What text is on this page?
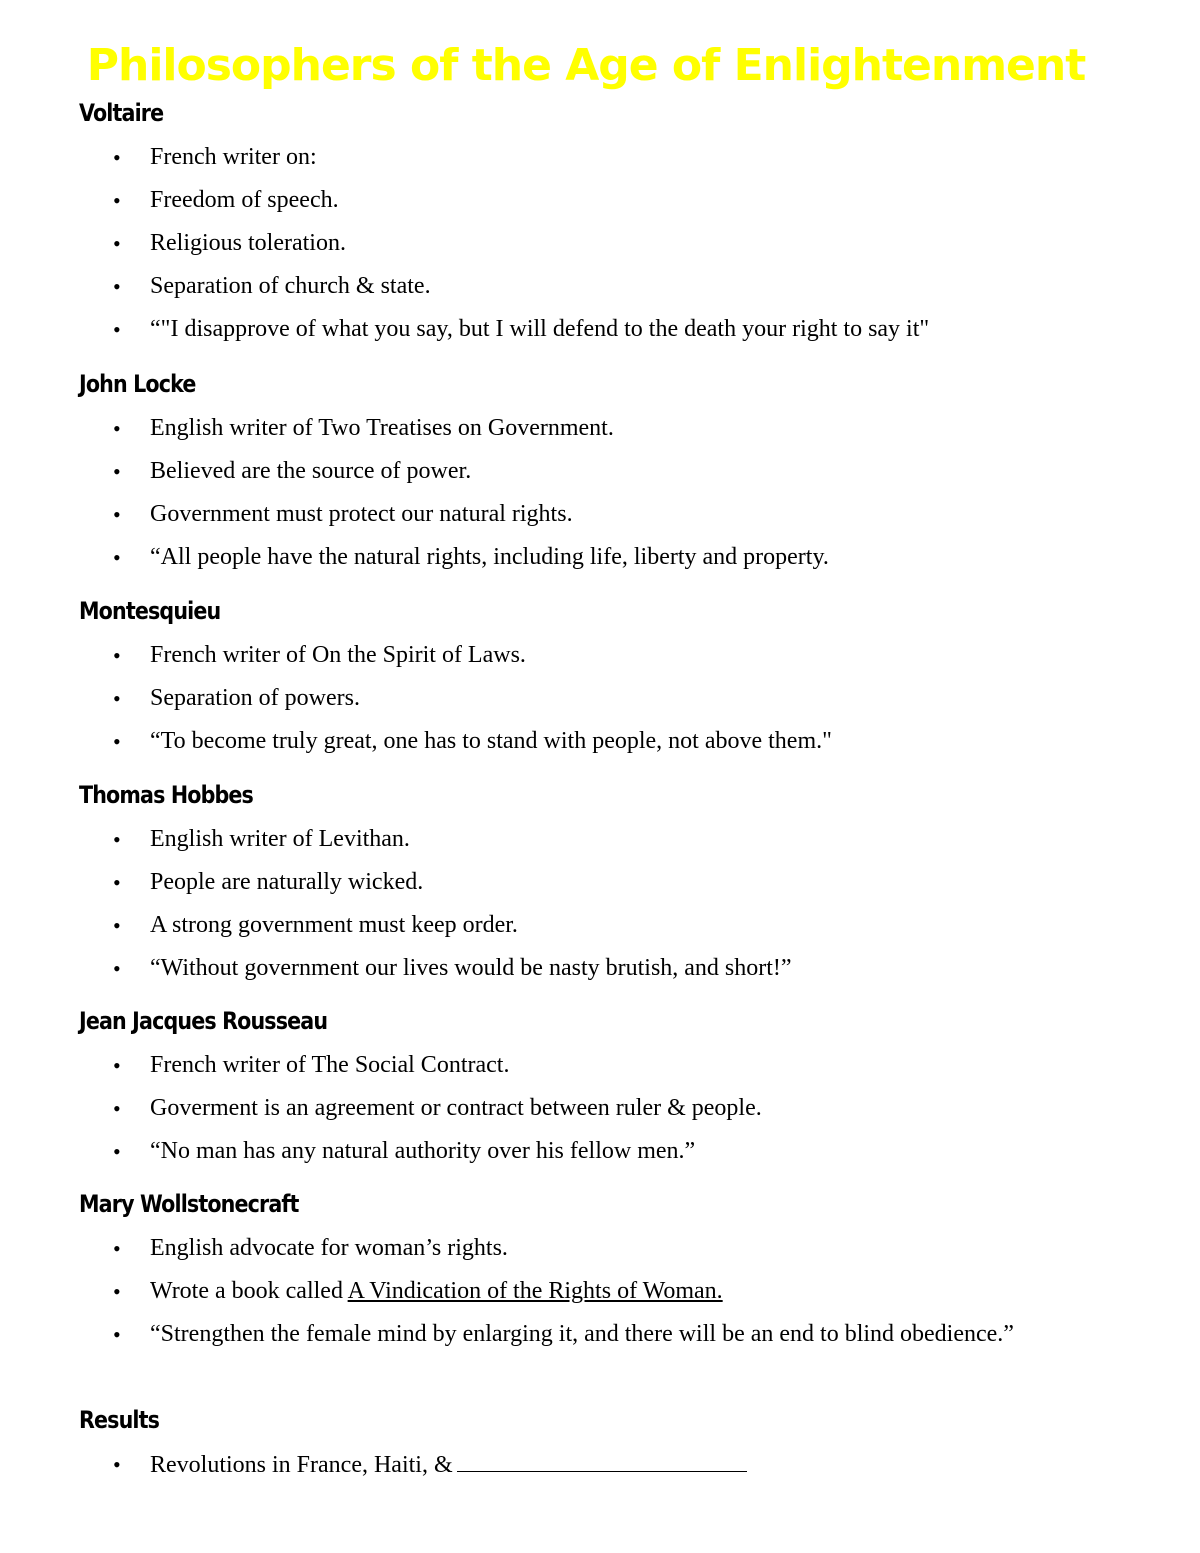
Philosophers of the Age of Enlightenment
Voltaire
• French writer on:
• Freedom of speech.
• Religious toleration.
• Separation of church & state.
• “"I disapprove of what you say, but I will defend to the death your right to say it"
John Locke
• English writer of Two Treatises on Government.
• Believed are the source of power.
• Government must protect our natural rights.
• “All people have the natural rights, including life, liberty and property.
Montesquieu
• French writer of On the Spirit of Laws.
• Separation of powers.
• “To become truly great, one has to stand with people, not above them."
Thomas Hobbes
• English writer of Levithan.
• People are naturally wicked.
• A strong government must keep order.
• “Without government our lives would be nasty brutish, and short!”
Jean Jacques Rousseau
• French writer of The Social Contract.
• Goverment is an agreement or contract between ruler & people.
• “No man has any natural authority over his fellow men.”
Mary Wollstonecraft
• English advocate for woman’s rights.
• Wrote a book called A Vindication of the Rights of Woman.
• “Strengthen the female mind by enlarging it, and there will be an end to blind obedience.”
Results
• Revolutions in France, Haiti, &
